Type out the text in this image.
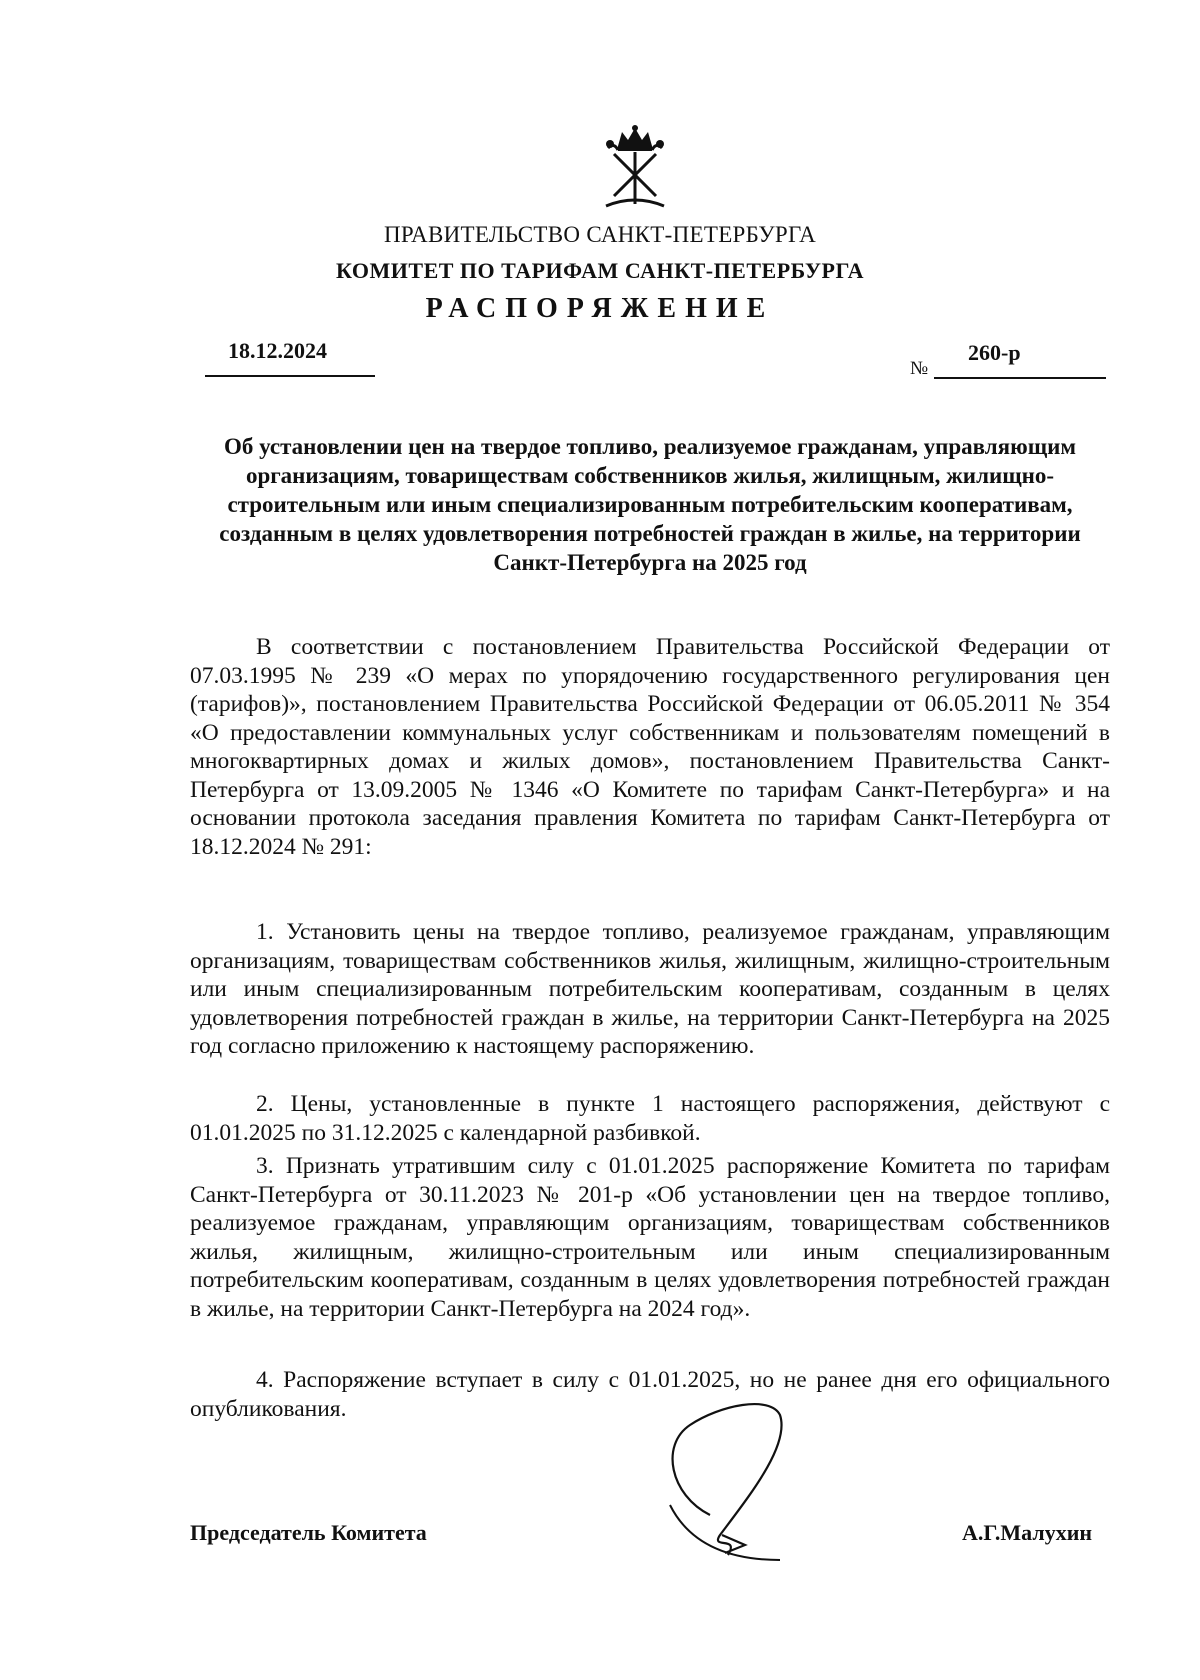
ПРАВИТЕЛЬСТВО САНКТ-ПЕТЕРБУРГА
КОМИТЕТ ПО ТАРИФАМ САНКТ-ПЕТЕРБУРГА
РАСПОРЯЖЕНИЕ
18.12.2024
№
260-р
Об установлении цен на твердое топливо, реализуемое гражданам, управляющим организациям, товариществам собственников жилья, жилищным, жилищно-строительным или иным специализированным потребительским кооперативам, созданным в целях удовлетворения потребностей граждан в жилье, на территории Санкт-Петербурга на 2025 год

В соответствии с постановлением Правительства Российской Федерации от 07.03.1995 № 239 «О мерах по упорядочению государственного регулирования цен (тарифов)», постановлением Правительства Российской Федерации от 06.05.2011 № 354 «О предоставлении коммунальных услуг собственникам и пользователям помещений в многоквартирных домах и жилых домов», постановлением Правительства Санкт-Петербурга от 13.09.2005 № 1346 «О Комитете по тарифам Санкт-Петербурга» и на основании протокола заседания правления Комитета по тарифам Санкт-Петербурга от 18.12.2024 № 291:

1. Установить цены на твердое топливо, реализуемое гражданам, управляющим организациям, товариществам собственников жилья, жилищным, жилищно-строительным или иным специализированным потребительским кооперативам, созданным в целях удовлетворения потребностей граждан в жилье, на территории Санкт-Петербурга на 2025 год согласно приложению к настоящему распоряжению.

2. Цены, установленные в пункте 1 настоящего распоряжения, действуют с 01.01.2025 по 31.12.2025 с календарной разбивкой.

3. Признать утратившим силу с 01.01.2025 распоряжение Комитета по тарифам Санкт-Петербурга от 30.11.2023 № 201-р «Об установлении цен на твердое топливо, реализуемое гражданам, управляющим организациям, товариществам собственников жилья, жилищным, жилищно-строительным или иным специализированным потребительским кооперативам, созданным в целях удовлетворения потребностей граждан в жилье, на территории Санкт-Петербурга на 2024 год».

4. Распоряжение вступает в силу с 01.01.2025, но не ранее дня его официального опубликования.

Председатель Комитета	А.Г.Малухин
